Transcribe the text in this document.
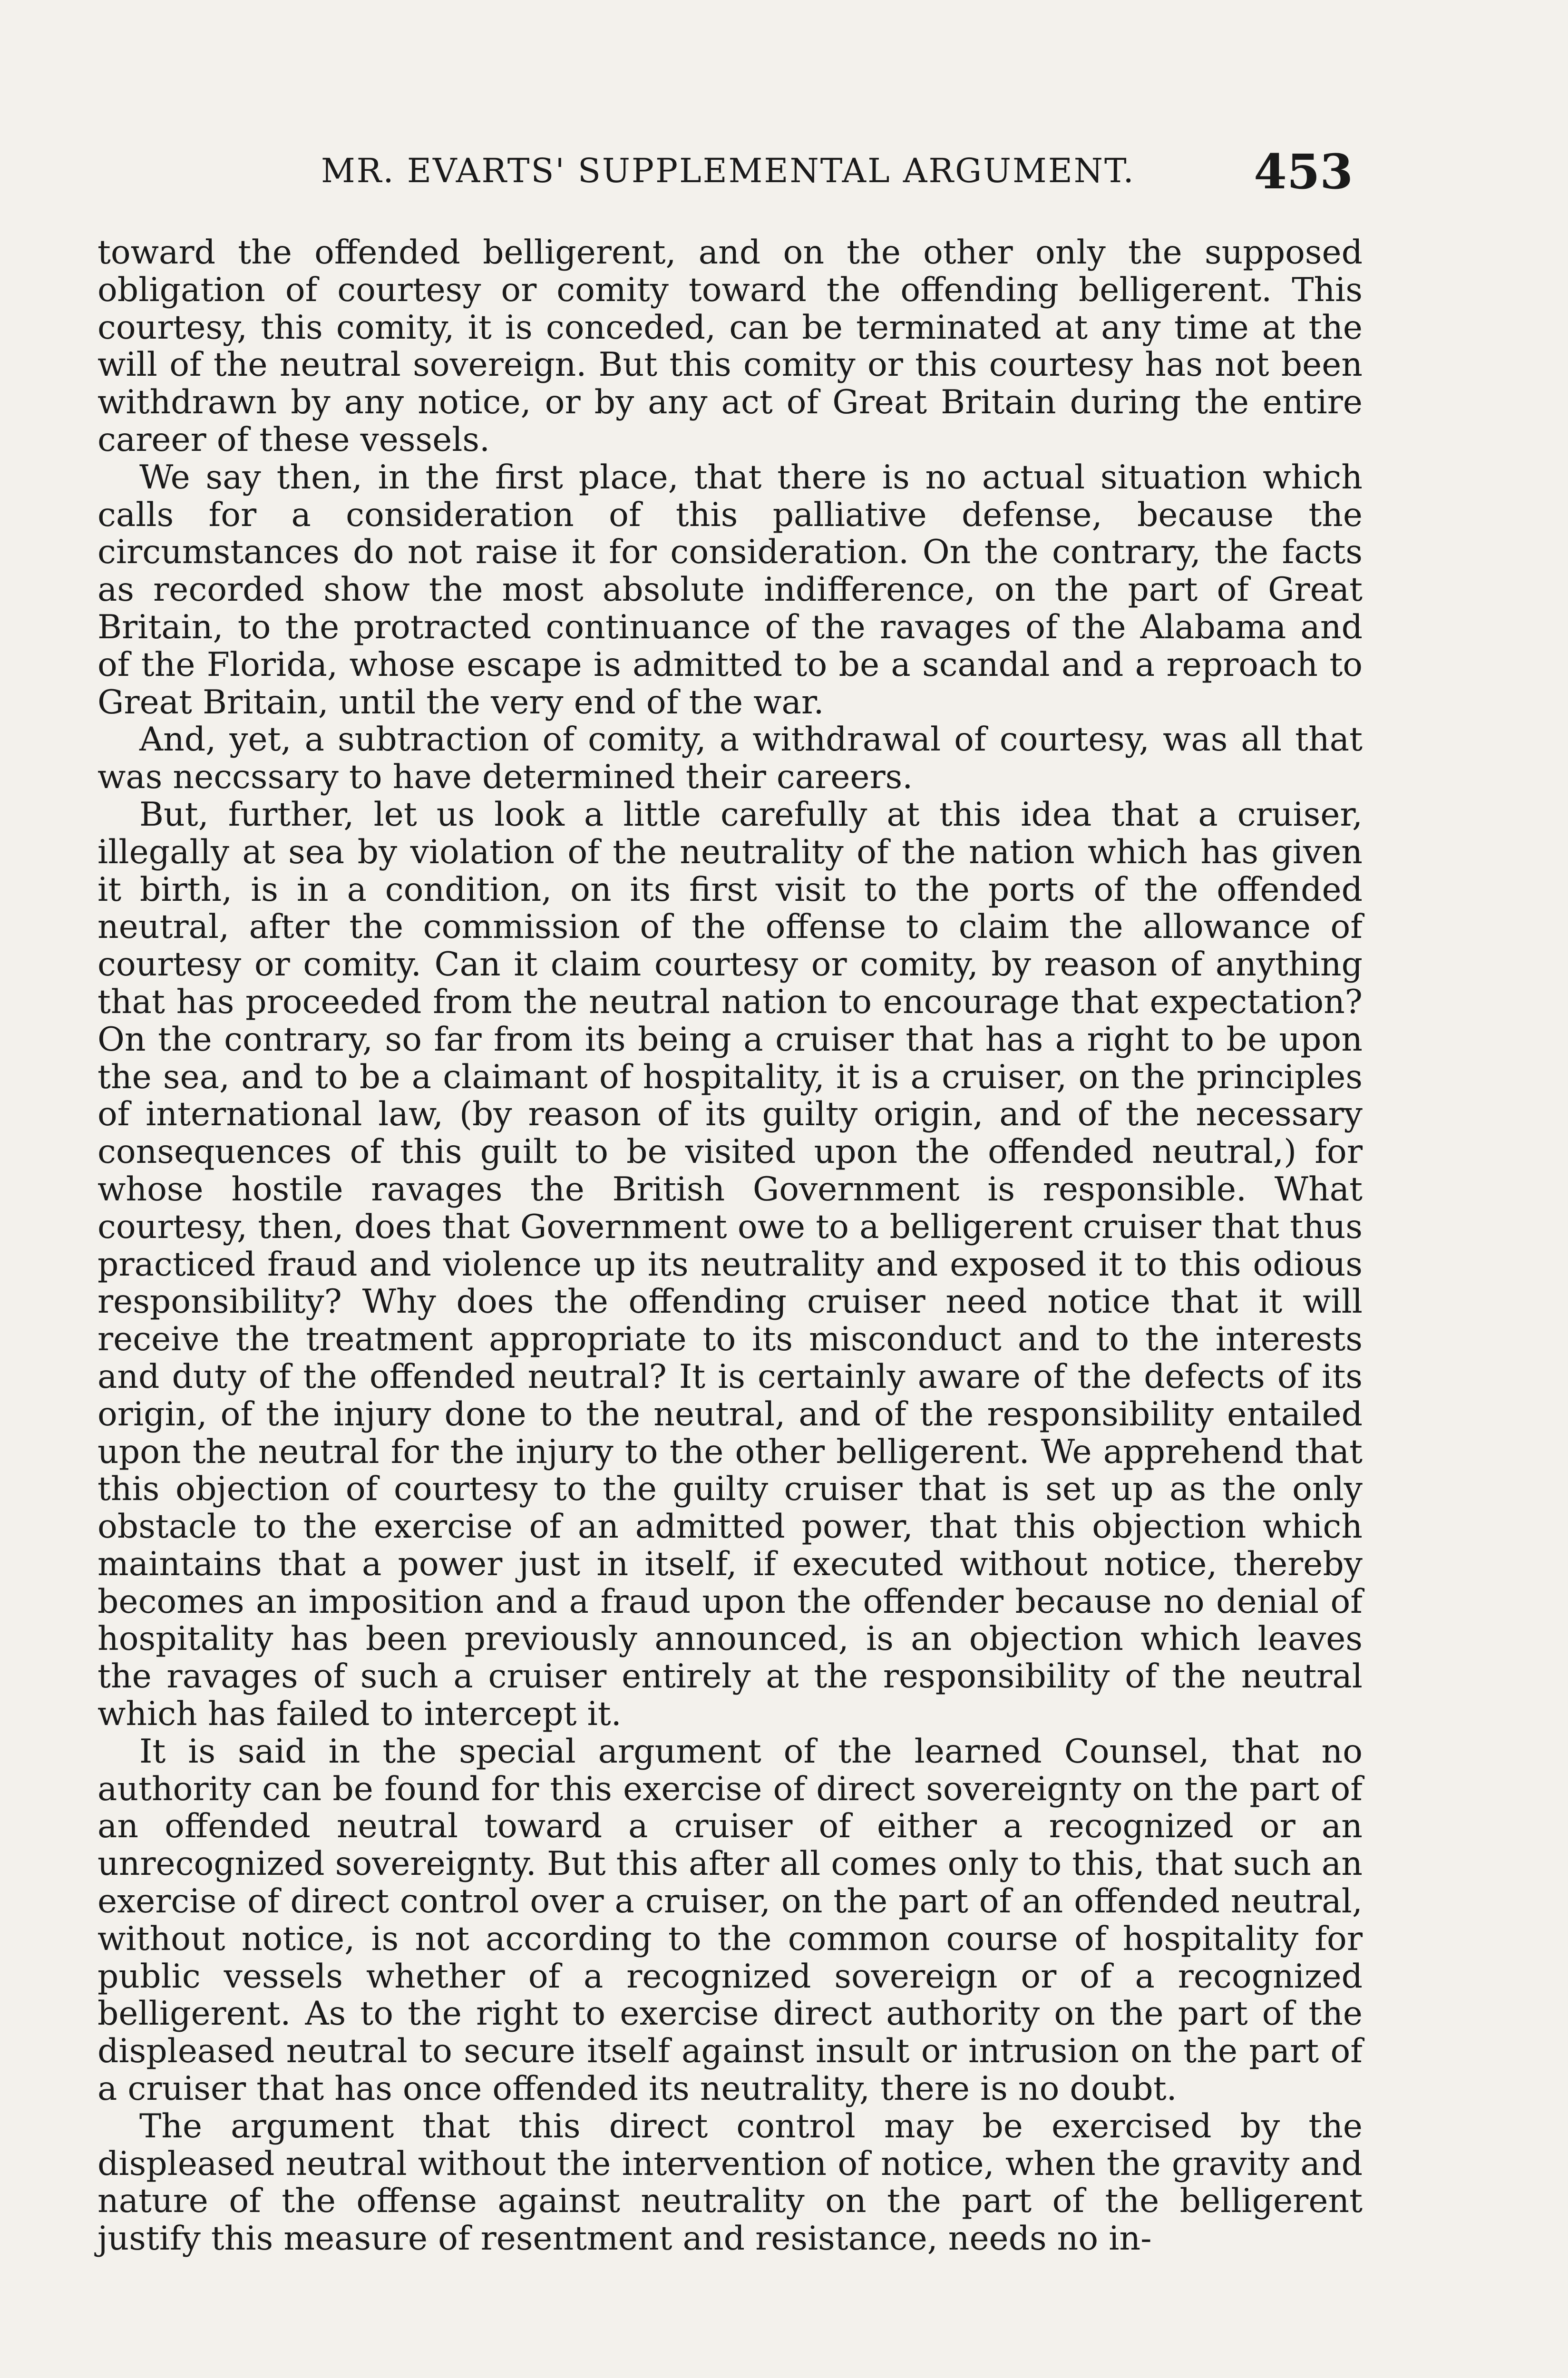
MR. EVARTS' SUPPLEMENTAL ARGUMENT. 453

toward the offended belligerent, and on the other only the supposed obligation of courtesy or comity toward the offending belligerent. This courtesy, this comity, it is conceded, can be terminated at any time at the will of the neutral sovereign. But this comity or this courtesy has not been withdrawn by any notice, or by any act of Great Britain during the entire career of these vessels.

We say then, in the first place, that there is no actual situation which calls for a consideration of this palliative defense, because the circumstances do not raise it for consideration. On the contrary, the facts as recorded show the most absolute indifference, on the part of Great Britain, to the protracted continuance of the ravages of the Alabama and of the Florida, whose escape is admitted to be a scandal and a reproach to Great Britain, until the very end of the war.

And, yet, a subtraction of comity, a withdrawal of courtesy, was all that was neccssary to have determined their careers.

But, further, let us look a little carefully at this idea that a cruiser, illegally at sea by violation of the neutrality of the nation which has given it birth, is in a condition, on its first visit to the ports of the offended neutral, after the commission of the offense to claim the allowance of courtesy or comity. Can it claim courtesy or comity, by reason of anything that has proceeded from the neutral nation to encourage that expectation? On the contrary, so far from its being a cruiser that has a right to be upon the sea, and to be a claimant of hospitality, it is a cruiser, on the principles of international law, (by reason of its guilty origin, and of the necessary consequences of this guilt to be visited upon the offended neutral,) for whose hostile ravages the British Government is responsible. What courtesy, then, does that Government owe to a belligerent cruiser that thus practiced fraud and violence up its neutrality and exposed it to this odious responsibility? Why does the offending cruiser need notice that it will receive the treatment appropriate to its misconduct and to the interests and duty of the offended neutral? It is certainly aware of the defects of its origin, of the injury done to the neutral, and of the responsibility entailed upon the neutral for the injury to the other belligerent. We apprehend that this objection of courtesy to the guilty cruiser that is set up as the only obstacle to the exercise of an admitted power, that this objection which maintains that a power just in itself, if executed without notice, thereby becomes an imposition and a fraud upon the offender because no denial of hospitality has been previously announced, is an objection which leaves the ravages of such a cruiser entirely at the responsibility of the neutral which has failed to intercept it.

It is said in the special argument of the learned Counsel, that no authority can be found for this exercise of direct sovereignty on the part of an offended neutral toward a cruiser of either a recognized or an unrecognized sovereignty. But this after all comes only to this, that such an exercise of direct control over a cruiser, on the part of an offended neutral, without notice, is not according to the common course of hospitality for public vessels whether of a recognized sovereign or of a recognized belligerent. As to the right to exercise direct authority on the part of the displeased neutral to secure itself against insult or intrusion on the part of a cruiser that has once offended its neutrality, there is no doubt.

The argument that this direct control may be exercised by the displeased neutral without the intervention of notice, when the gravity and nature of the offense against neutrality on the part of the belligerent justify this measure of resentment and resistance, needs no in-
